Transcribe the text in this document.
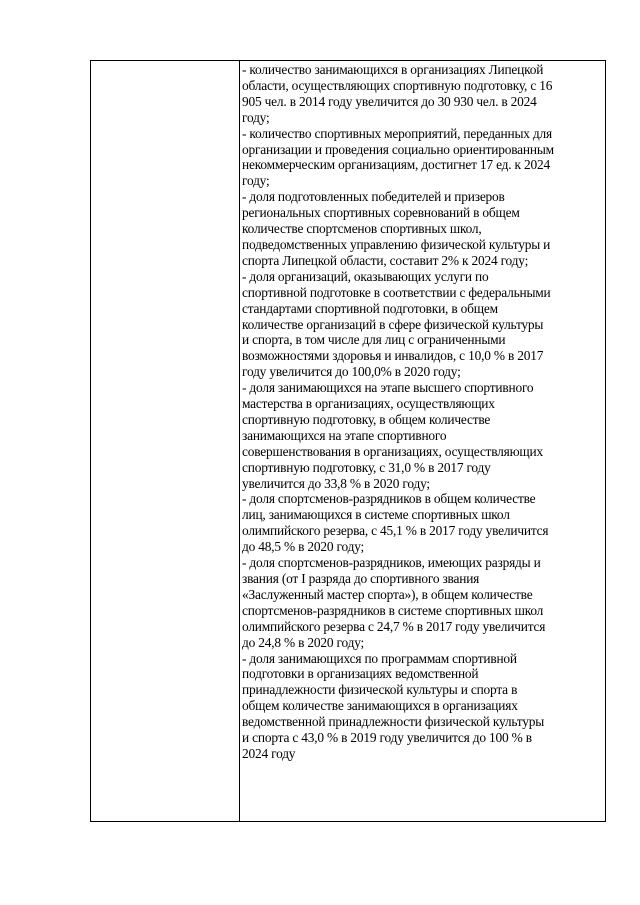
- количество занимающихся в организациях Липецкой
области, осуществляющих спортивную подготовку, с 16
905 чел. в 2014 году увеличится до 30 930 чел. в 2024
году;

- количество спортивных мероприятий, переданных для
организации и проведения социально ориентированным
некоммерческим организациям, достигнет 17 ед. к 2024
году;

- доля подготовленных победителей и призеров
региональных спортивных соревнований в общем
количестве спортсменов спортивных школ,
подведомственных управлению физической культуры и
спорта Липецкой области, составит 2% к 2024 году;

- доля организаций, оказывающих услуги по
спортивной подготовке в соответствии с федеральными
стандартами спортивной подготовки, в общем
количестве организаций в сфере физической культуры
и спорта, в том числе для лиц с ограниченными
возможностями здоровья и инвалидов, с 10,0 % в 2017
году увеличится до 100,0% в 2020 году;

- доля занимающихся на этапе высшего спортивного
мастерства в организациях, осуществляющих
спортивную подготовку, в общем количестве
занимающихся на этапе спортивного
совершенствования в организациях, осуществляющих
спортивную подготовку, с 31,0 % в 2017 году
увеличится до 33,8 % в 2020 году;

- доля спортсменов-разрядников в общем количестве
лиц, занимающихся в системе спортивных школ
олимпийского резерва, с 45,1 % в 2017 году увеличится
до 48,5 % в 2020 году;

- доля спортсменов-разрядников, имеющих разряды и
звания (от I разряда до спортивного звания
«Заслуженный мастер спорта»), в общем количестве
спортсменов-разрядников в системе спортивных школ
олимпийского резерва с 24,7 % в 2017 году увеличится
до 24,8 % в 2020 году;

- доля занимающихся по программам спортивной
подготовки в организациях ведомственной
принадлежности физической культуры и спорта в
общем количестве занимающихся в организациях
ведомственной принадлежности физической культуры
и спорта с 43,0 % в 2019 году увеличится до 100 % в
2024 году
